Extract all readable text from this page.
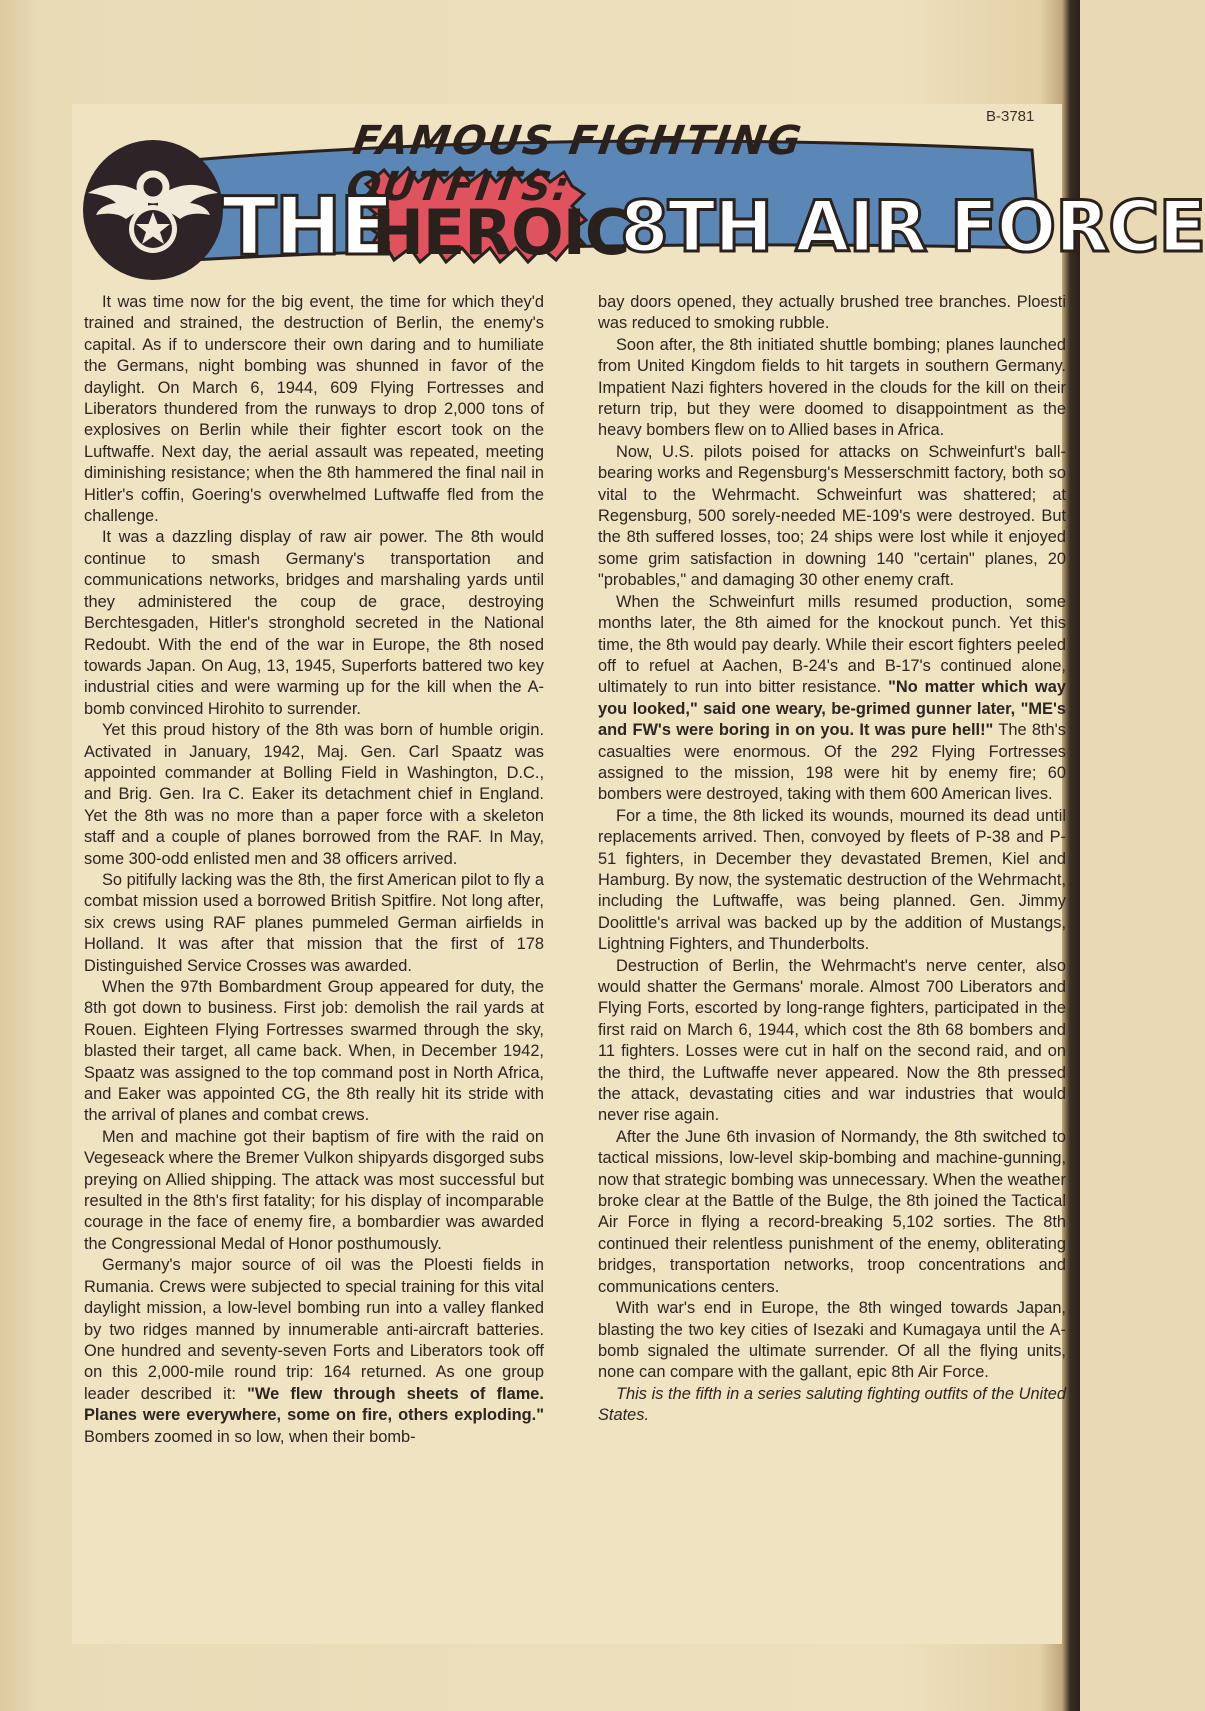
B-3781
FAMOUS FIGHTING OUTFITS:
THE
HEROIC
8TH AIR FORCE

It was time now for the big event, the time for which they'd trained and strained, the destruction of Berlin, the enemy's capital. As if to underscore their own daring and to humiliate the Germans, night bombing was shunned in favor of the daylight. On March 6, 1944, 609 Flying Fortresses and Liberators thundered from the runways to drop 2,000 tons of explosives on Berlin while their fighter escort took on the Luftwaffe. Next day, the aerial assault was repeated, meeting diminishing resistance; when the 8th hammered the final nail in Hitler's coffin, Goering's overwhelmed Luftwaffe fled from the challenge.

It was a dazzling display of raw air power. The 8th would continue to smash Germany's transportation and communications networks, bridges and marshaling yards until they administered the coup de grace, destroying Berchtesgaden, Hitler's stronghold secreted in the National Redoubt. With the end of the war in Europe, the 8th nosed towards Japan. On Aug, 13, 1945, Superforts battered two key industrial cities and were warming up for the kill when the A-bomb convinced Hirohito to surrender.

Yet this proud history of the 8th was born of humble origin. Activated in January, 1942, Maj. Gen. Carl Spaatz was appointed commander at Bolling Field in Washington, D.C., and Brig. Gen. Ira C. Eaker its detachment chief in England. Yet the 8th was no more than a paper force with a skeleton staff and a couple of planes borrowed from the RAF. In May, some 300-odd enlisted men and 38 officers arrived.

So pitifully lacking was the 8th, the first American pilot to fly a combat mission used a borrowed British Spitfire. Not long after, six crews using RAF planes pummeled German airfields in Holland. It was after that mission that the first of 178 Distinguished Service Crosses was awarded.

When the 97th Bombardment Group appeared for duty, the 8th got down to business. First job: demolish the rail yards at Rouen. Eighteen Flying Fortresses swarmed through the sky, blasted their target, all came back. When, in December 1942, Spaatz was assigned to the top command post in North Africa, and Eaker was appointed CG, the 8th really hit its stride with the arrival of planes and combat crews.

Men and machine got their baptism of fire with the raid on Vegeseack where the Bremer Vulkon shipyards disgorged subs preying on Allied shipping. The attack was most successful but resulted in the 8th's first fatality; for his display of incomparable courage in the face of enemy fire, a bombardier was awarded the Congressional Medal of Honor posthumously.

Germany's major source of oil was the Ploesti fields in Rumania. Crews were subjected to special training for this vital daylight mission, a low-level bombing run into a valley flanked by two ridges manned by innumerable anti-aircraft batteries. One hundred and seventy-seven Forts and Liberators took off on this 2,000-mile round trip: 164 returned. As one group leader described it: "We flew through sheets of flame. Planes were everywhere, some on fire, others exploding." Bombers zoomed in so low, when their bomb-

bay doors opened, they actually brushed tree branches. Ploesti was reduced to smoking rubble.

Soon after, the 8th initiated shuttle bombing; planes launched from United Kingdom fields to hit targets in southern Germany. Impatient Nazi fighters hovered in the clouds for the kill on their return trip, but they were doomed to disappointment as the heavy bombers flew on to Allied bases in Africa.

Now, U.S. pilots poised for attacks on Schweinfurt's ball-bearing works and Regensburg's Messerschmitt factory, both so vital to the Wehrmacht. Schweinfurt was shattered; at Regensburg, 500 sorely-needed ME-109's were destroyed. But the 8th suffered losses, too; 24 ships were lost while it enjoyed some grim satisfaction in downing 140 "certain" planes, 20 "probables," and damaging 30 other enemy craft.

When the Schweinfurt mills resumed production, some months later, the 8th aimed for the knockout punch. Yet this time, the 8th would pay dearly. While their escort fighters peeled off to refuel at Aachen, B-24's and B-17's continued alone, ultimately to run into bitter resistance. "No matter which way you looked," said one weary, be-grimed gunner later, "ME's and FW's were boring in on you. It was pure hell!" The 8th's casualties were enormous. Of the 292 Flying Fortresses assigned to the mission, 198 were hit by enemy fire; 60 bombers were destroyed, taking with them 600 American lives.

For a time, the 8th licked its wounds, mourned its dead until replacements arrived. Then, convoyed by fleets of P-38 and P-51 fighters, in December they devastated Bremen, Kiel and Hamburg. By now, the systematic destruction of the Wehrmacht, including the Luftwaffe, was being planned. Gen. Jimmy Doolittle's arrival was backed up by the addition of Mustangs, Lightning Fighters, and Thunderbolts.

Destruction of Berlin, the Wehrmacht's nerve center, also would shatter the Germans' morale. Almost 700 Liberators and Flying Forts, escorted by long-range fighters, participated in the first raid on March 6, 1944, which cost the 8th 68 bombers and 11 fighters. Losses were cut in half on the second raid, and on the third, the Luftwaffe never appeared. Now the 8th pressed the attack, devastating cities and war industries that would never rise again.

After the June 6th invasion of Normandy, the 8th switched to tactical missions, low-level skip-bombing and machine-gunning, now that strategic bombing was unnecessary. When the weather broke clear at the Battle of the Bulge, the 8th joined the Tactical Air Force in flying a record-breaking 5,102 sorties. The 8th continued their relentless punishment of the enemy, obliterating bridges, transportation networks, troop concentrations and communications centers.

With war's end in Europe, the 8th winged towards Japan, blasting the two key cities of Isezaki and Kumagaya until the A-bomb signaled the ultimate surrender. Of all the flying units, none can compare with the gallant, epic 8th Air Force.

This is the fifth in a series saluting fighting outfits of the United States.
